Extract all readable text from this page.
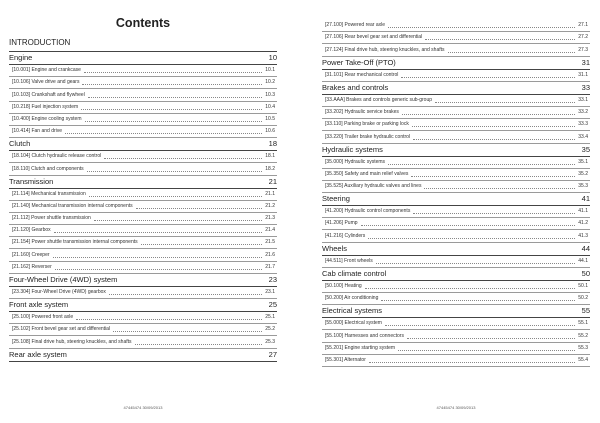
Contents
INTRODUCTION
Engine	10
[10.001] Engine and crankcase	10.1
[10.106] Valve drive and gears	10.2
[10.103] Crankshaft and flywheel	10.3
[10.218] Fuel injection system	10.4
[10.400] Engine cooling system	10.5
[10.414] Fan and drive	10.6
Clutch	18
[18.104] Clutch hydraulic release control	18.1
[18.110] Clutch and components	18.2
Transmission	21
[21.114] Mechanical transmission	21.1
[21.140] Mechanical transmission internal components	21.2
[21.112] Power shuttle transmission	21.3
[21.120] Gearbox	21.4
[21.154] Power shuttle transmission internal components	21.5
[21.160] Creeper	21.6
[21.162] Reverser	21.7
Four-Wheel Drive (4WD) system	23
[23.304] Four-Wheel Drive (4WD) gearbox	23.1
Front axle system	25
[25.100] Powered front axle	25.1
[25.102] Front bevel gear set and differential	25.2
[25.108] Final drive hub, steering knuckles, and shafts	25.3
Rear axle system	27
47445474 30/09/2013
[27.100] Powered rear axle	27.1
[27.106] Rear bevel gear set and differential	27.2
[27.124] Final drive hub, steering knuckles, and shafts	27.3
Power Take-Off (PTO)	31
[31.101] Rear mechanical control	31.1
Brakes and controls	33
[33.AAA] Brakes and controls generic sub-group	33.1
[33.202] Hydraulic service brakes	33.2
[33.110] Parking brake or parking lock	33.3
[33.220] Trailer brake hydraulic control	33.4
Hydraulic systems	35
[35.000] Hydraulic systems	35.1
[35.350] Safety and main relief valves	35.2
[35.525] Auxiliary hydraulic valves and lines	35.3
Steering	41
[41.200] Hydraulic control components	41.1
[41.206] Pump	41.2
[41.216] Cylinders	41.3
Wheels	44
[44.511] Front wheels	44.1
Cab climate control	50
[50.100] Heating	50.1
[50.200] Air conditioning	50.2
Electrical systems	55
[55.000] Electrical system	55.1
[55.100] Harnesses and connectors	55.2
[55.201] Engine starting system	55.3
[55.301] Alternator	55.4
47445474 30/09/2013
